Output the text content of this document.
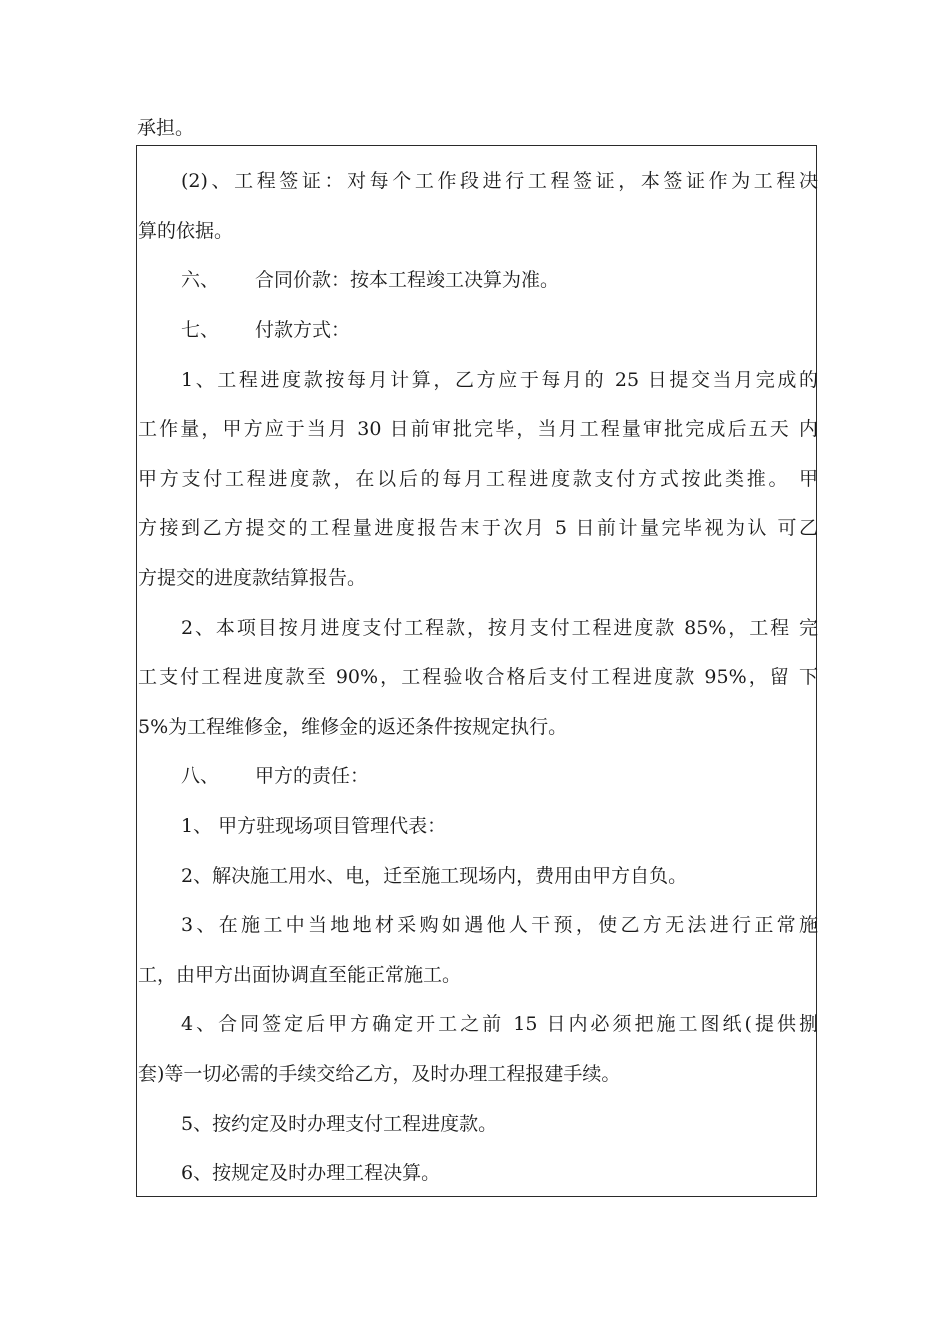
承担。
(2)、工程签证：对每个工作段进行工程签证，本签证作为工程决
算的依据。
六、 合同价款：按本工程竣工决算为准。
七、 付款方式：
1、工程进度款按每月计算，乙方应于每月的 25 日提交当月完成的
工作量，甲方应于当月 30 日前审批完毕，当月工程量审批完成后五天 内
甲方支付工程进度款，在以后的每月工程进度款支付方式按此类推。 甲
方接到乙方提交的工程量进度报告末于次月 5 日前计量完毕视为认 可乙
方提交的进度款结算报告。
2、本项目按月进度支付工程款，按月支付工程进度款 85%，工程 完
工支付工程进度款至 90%，工程验收合格后支付工程进度款 95%，留 下
5%为工程维修金，维修金的返还条件按规定执行。
八、 甲方的责任：
1、 甲方驻现场项目管理代表：
2、解决施工用水、电，迁至施工现场内，费用由甲方自负。
3、在施工中当地地材采购如遇他人干预，使乙方无法进行正常施
工，由甲方出面协调直至能正常施工。
4、合同签定后甲方确定开工之前 15 日内必须把施工图纸(提供捌
套)等一切必需的手续交给乙方，及时办理工程报建手续。
5、按约定及时办理支付工程进度款。
6、按规定及时办理工程决算。
